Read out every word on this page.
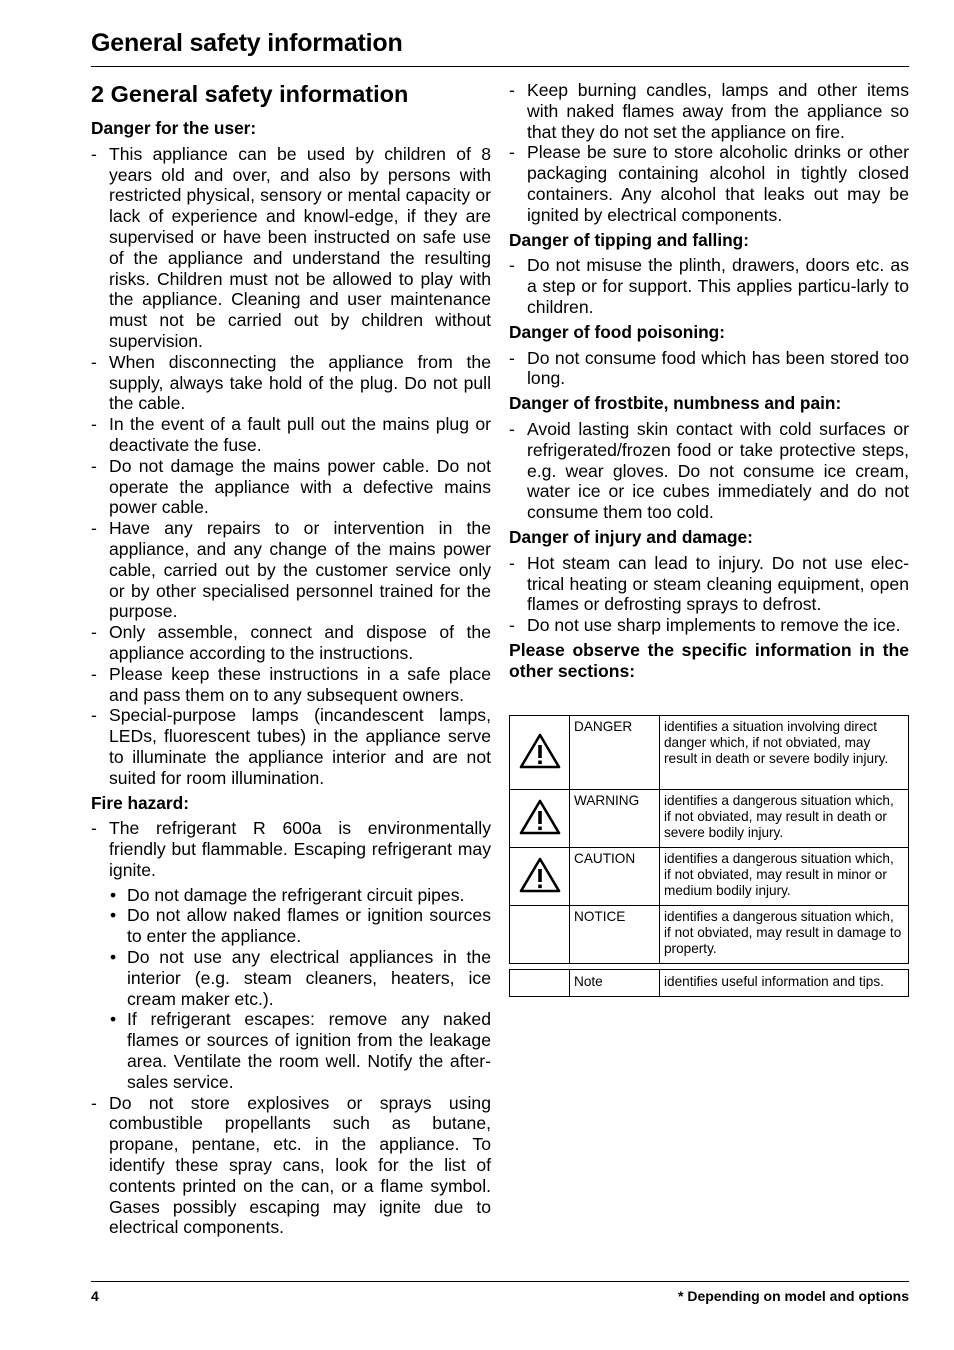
General safety information
2 General safety information
Danger for the user:
- This appliance can be used by children of 8 years old and over, and also by persons with restricted physical, sensory or mental capacity or lack of experience and knowl-edge, if they are supervised or have been instructed on safe use of the appliance and understand the resulting risks. Children must not be allowed to play with the appliance. Cleaning and user maintenance must not be carried out by children without supervision.
- When disconnecting the appliance from the supply, always take hold of the plug. Do not pull the cable.
- In the event of a fault pull out the mains plug or deactivate the fuse.
- Do not damage the mains power cable. Do not operate the appliance with a defective mains power cable.
- Have any repairs to or intervention in the appliance, and any change of the mains power cable, carried out by the customer service only or by other specialised personnel trained for the purpose.
- Only assemble, connect and dispose of the appliance according to the instructions.
- Please keep these instructions in a safe place and pass them on to any subsequent owners.
- Special-purpose lamps (incandescent lamps, LEDs, fluorescent tubes) in the appliance serve to illuminate the appliance interior and are not suited for room illumination.
Fire hazard:
- The refrigerant R 600a is environmentally friendly but flammable. Escaping refrigerant may ignite.
• Do not damage the refrigerant circuit pipes.
• Do not allow naked flames or ignition sources to enter the appliance.
• Do not use any electrical appliances in the interior (e.g. steam cleaners, heaters, ice cream maker etc.).
• If refrigerant escapes: remove any naked flames or sources of ignition from the leakage area. Ventilate the room well. Notify the after-sales service.
- Do not store explosives or sprays using combustible propellants such as butane, propane, pentane, etc. in the appliance. To identify these spray cans, look for the list of contents printed on the can, or a flame symbol. Gases possibly escaping may ignite due to electrical components.
- Keep burning candles, lamps and other items with naked flames away from the appliance so that they do not set the appliance on fire.
- Please be sure to store alcoholic drinks or other packaging containing alcohol in tightly closed containers. Any alcohol that leaks out may be ignited by electrical components.
Danger of tipping and falling:
- Do not misuse the plinth, drawers, doors etc. as a step or for support. This applies particu-larly to children.
Danger of food poisoning:
- Do not consume food which has been stored too long.
Danger of frostbite, numbness and pain:
- Avoid lasting skin contact with cold surfaces or refrigerated/frozen food or take protective steps, e.g. wear gloves. Do not consume ice cream, water ice or ice cubes immediately and do not consume them too cold.
Danger of injury and damage:
- Hot steam can lead to injury. Do not use elec-trical heating or steam cleaning equipment, open flames or defrosting sprays to defrost.
- Do not use sharp implements to remove the ice.
Please observe the specific information in the other sections:
	DANGER	identifies a situation involving direct danger which, if not obviated, may result in death or severe bodily injury.
	WARNING	identifies a dangerous situation which, if not obviated, may result in death or severe bodily injury.
	CAUTION	identifies a dangerous situation which, if not obviated, may result in minor or medium bodily injury.
	NOTICE	identifies a dangerous situation which, if not obviated, may result in damage to property.
	Note	identifies useful information and tips.
4	* Depending on model and options
